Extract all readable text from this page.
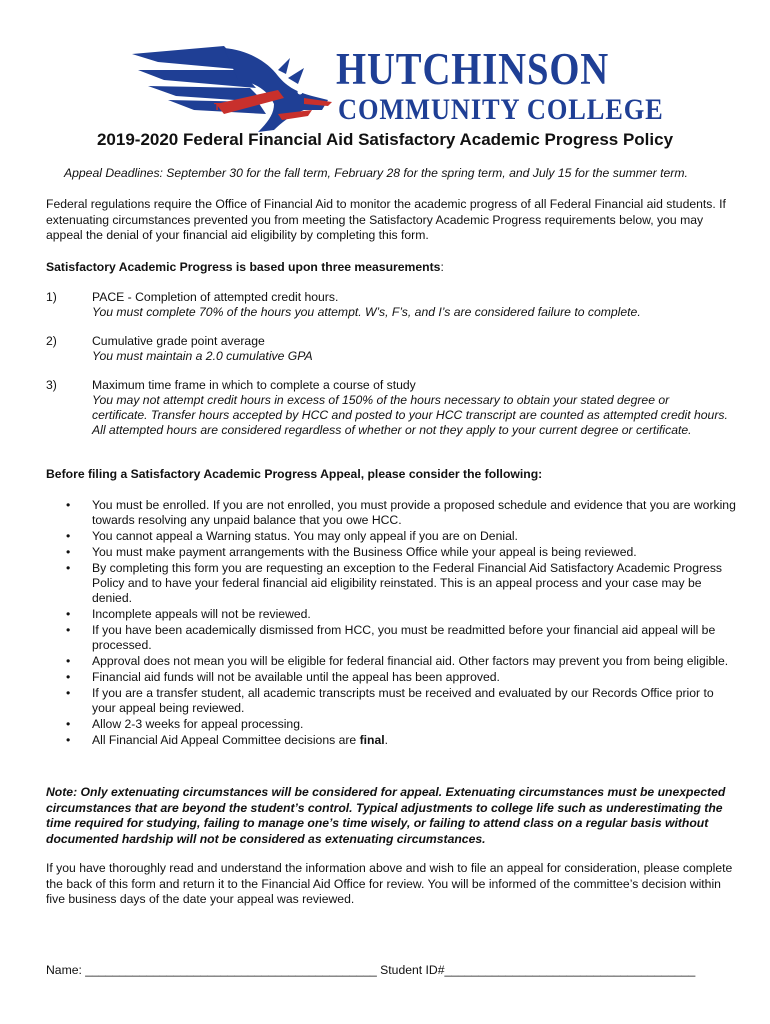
TM
HUTCHINSON
COMMUNITY COLLEGE
2019-2020 Federal Financial Aid Satisfactory Academic Progress Policy
Appeal Deadlines: September 30 for the fall term, February 28 for the spring term, and July 15 for the summer term.
Federal regulations require the Office of Financial Aid to monitor the academic progress of all Federal Financial aid students. If extenuating circumstances prevented you from meeting the Satisfactory Academic Progress requirements below, you may appeal the denial of your financial aid eligibility by completing this form.
Satisfactory Academic Progress is based upon three measurements:
1)	PACE - Completion of attempted credit hours.
You must complete 70% of the hours you attempt. W’s, F’s, and I’s are considered failure to complete.
2)	Cumulative grade point average
You must maintain a 2.0 cumulative GPA
3)	Maximum time frame in which to complete a course of study
You may not attempt credit hours in excess of 150% of the hours necessary to obtain your stated degree or certificate. Transfer hours accepted by HCC and posted to your HCC transcript are counted as attempted credit hours. All attempted hours are considered regardless of whether or not they apply to your current degree or certificate.
Before filing a Satisfactory Academic Progress Appeal, please consider the following:
• You must be enrolled. If you are not enrolled, you must provide a proposed schedule and evidence that you are working towards resolving any unpaid balance that you owe HCC.
• You cannot appeal a Warning status. You may only appeal if you are on Denial.
• You must make payment arrangements with the Business Office while your appeal is being reviewed.
• By completing this form you are requesting an exception to the Federal Financial Aid Satisfactory Academic Progress Policy and to have your federal financial aid eligibility reinstated. This is an appeal process and your case may be denied.
• Incomplete appeals will not be reviewed.
• If you have been academically dismissed from HCC, you must be readmitted before your financial aid appeal will be processed.
• Approval does not mean you will be eligible for federal financial aid. Other factors may prevent you from being eligible.
• Financial aid funds will not be available until the appeal has been approved.
• If you are a transfer student, all academic transcripts must be received and evaluated by our Records Office prior to your appeal being reviewed.
• Allow 2-3 weeks for appeal processing.
• All Financial Aid Appeal Committee decisions are final.
Note: Only extenuating circumstances will be considered for appeal. Extenuating circumstances must be unexpected circumstances that are beyond the student’s control. Typical adjustments to college life such as underestimating the time required for studying, failing to manage one’s time wisely, or failing to attend class on a regular basis without documented hardship will not be considered as extenuating circumstances.
If you have thoroughly read and understand the information above and wish to file an appeal for consideration, please complete the back of this form and return it to the Financial Aid Office for review. You will be informed of the committee’s decision within five business days of the date your appeal was reviewed.
Name: ___________________________________________ Student ID#_____________________________________
